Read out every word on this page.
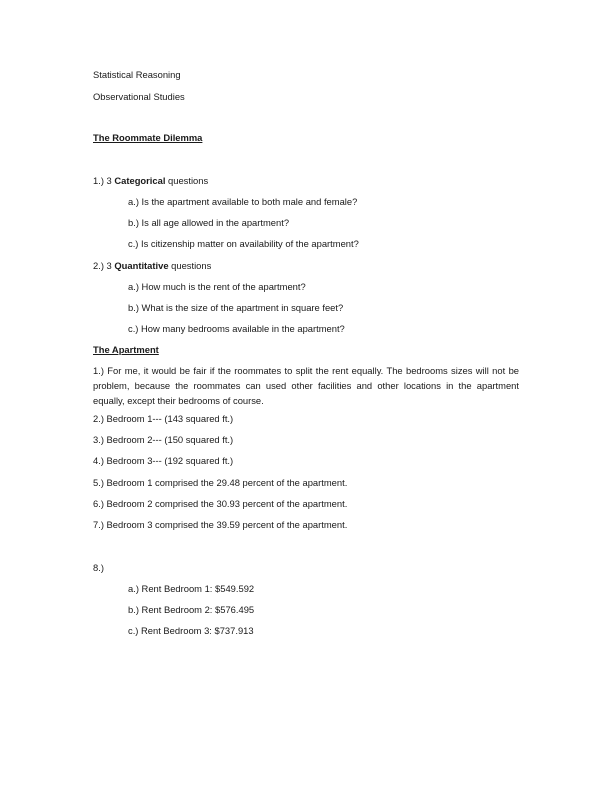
Statistical Reasoning
Observational Studies
The Roommate Dilemma
1.) 3 Categorical questions
a.) Is the apartment available to both male and female?
b.) Is all age allowed in the apartment?
c.) Is citizenship matter on availability of the apartment?
2.) 3 Quantitative questions
a.) How much is the rent of the apartment?
b.) What is the size of the apartment in square feet?
c.) How many bedrooms available in the apartment?
The Apartment
1.) For me, it would be fair if the roommates to split the rent equally. The bedrooms sizes will not be problem, because the roommates can used other facilities and other locations in the apartment equally, except their bedrooms of course.
2.) Bedroom 1--- (143 squared ft.)
3.) Bedroom 2--- (150 squared ft.)
4.) Bedroom 3--- (192 squared ft.)
5.) Bedroom 1 comprised the 29.48 percent of the apartment.
6.) Bedroom 2 comprised the 30.93 percent of the apartment.
7.) Bedroom 3 comprised the 39.59 percent of the apartment.
8.)
a.) Rent Bedroom 1: $549.592
b.) Rent Bedroom 2: $576.495
c.) Rent Bedroom 3: $737.913
